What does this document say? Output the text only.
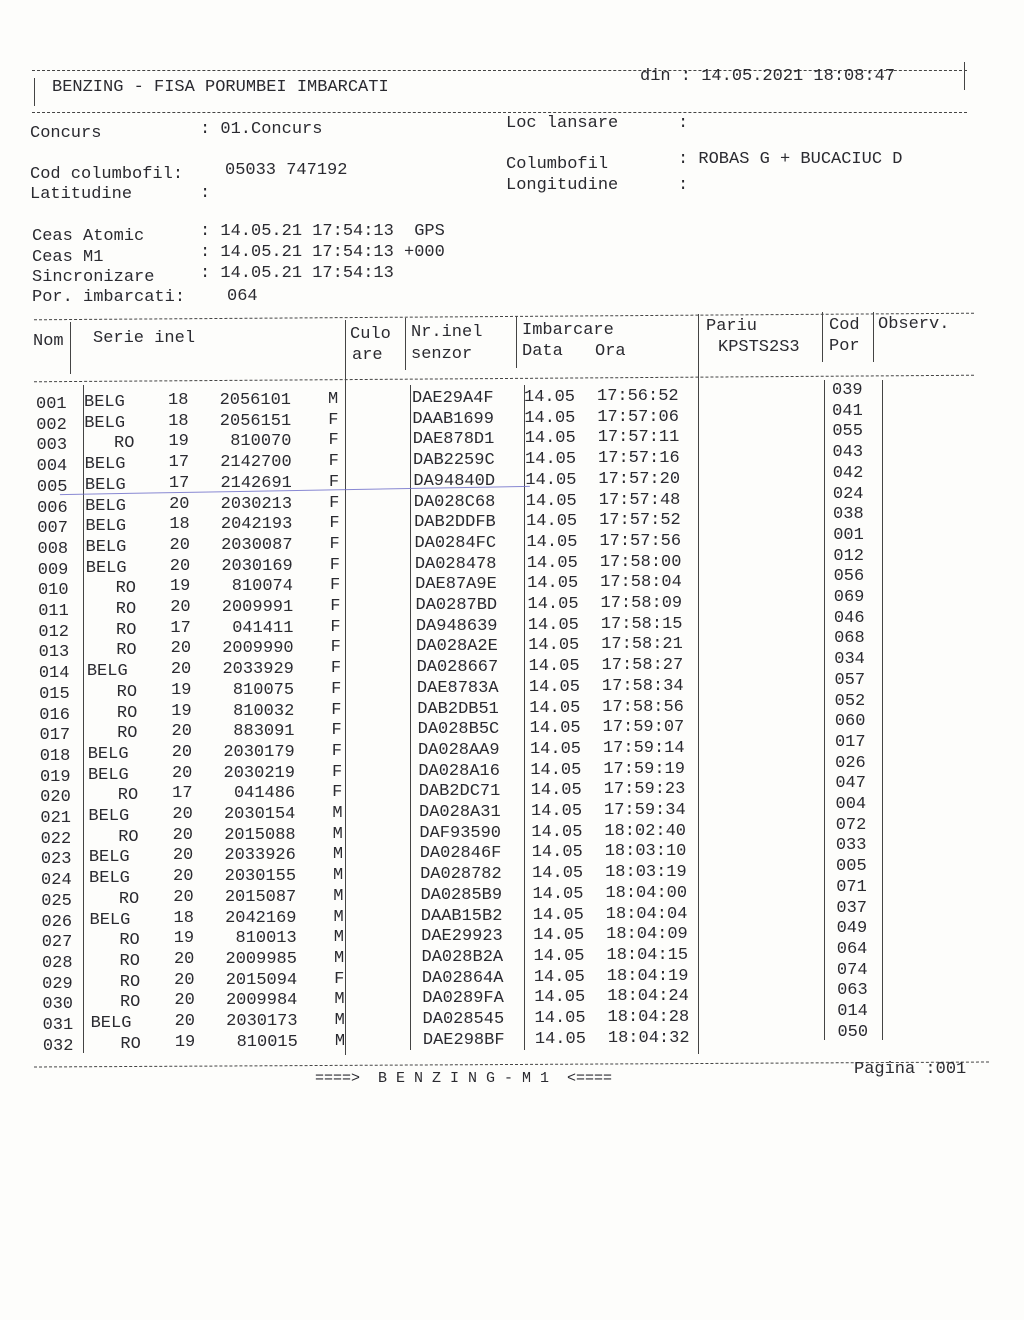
BENZING - FISA PORUMBEI IMBARCATI
din : 14.05.2021 18:08:47
Concurs	: 01.Concurs	Loc lansare	:
Cod columbofil: 05033 747192	Columbofil	: ROBAS G + BUCACIUC D
Latitudine	:	Longitudine	:
Ceas Atomic	: 14.05.21 17:54:13  GPS
Ceas M1	: 14.05.21 17:54:13 +000
Sincronizare	: 14.05.21 17:54:13
Por. imbarcati: 064
Nom Serie inel	Culo
are
Nr.inel
senzor
Imbarcare
Data Ora
Pariu
KPSTS2S3
Cod
Por
Observ.
001 BELG	18	2056101 M	DAE29A4F 14.05 17:56:52	039
002 BELG	18	2056151 F	DAAB1699 14.05 17:57:06	041
003	RO 19	810070 F	DAE878D1 14.05 17:57:11	055
004 BELG	17	2142700 F	DAB2259C 14.05 17:57:16	043
005 BELG	17	2142691 F	DA94840D 14.05 17:57:20	042
006 BELG	20	2030213 F	DA028C68 14.05 17:57:48	024
007 BELG	18	2042193 F	DAB2DDFB 14.05 17:57:52	038
008 BELG	20	2030087 F	DA0284FC 14.05 17:57:56	001
009 BELG	20	2030169 F	DA028478 14.05 17:58:00	012
010	RO 19	810074 F	DAE87A9E 14.05 17:58:04	056
011	RO 20	2009991 F	DA0287BD 14.05 17:58:09	069
012	RO 17	041411 F	DA948639 14.05 17:58:15	046
013	RO 20	2009990 F	DA028A2E 14.05 17:58:21	068
014 BELG	20	2033929 F	DA028667 14.05 17:58:27	034
015	RO 19	810075 F	DAE8783A 14.05 17:58:34	057
016	RO 19	810032 F	DAB2DB51 14.05 17:58:56	052
017	RO 20	883091 F	DA028B5C 14.05 17:59:07	060
018 BELG	20	2030179 F	DA028AA9 14.05 17:59:14	017
019 BELG	20	2030219 F	DA028A16 14.05 17:59:19	026
020	RO 17	041486 F	DAB2DC71 14.05 17:59:23	047
021 BELG	20	2030154 M	DA028A31 14.05 17:59:34	004
022	RO 20	2015088 M	DAF93590 14.05 18:02:40	072
023 BELG	20	2033926 M	DA02846F 14.05 18:03:10	033
024 BELG	20	2030155 M	DA028782 14.05 18:03:19	005
025	RO 20	2015087 M	DA0285B9 14.05 18:04:00	071
026 BELG	18	2042169 M	DAAB15B2 14.05 18:04:04	037
027	RO 19	810013 M	DAE29923 14.05 18:04:09	049
028	RO 20	2009985 M	DA028B2A 14.05 18:04:15	064
029	RO 20	2015094 F	DA02864A 14.05 18:04:19	074
030	RO 20	2009984 M	DA0289FA 14.05 18:04:24	063
031 BELG	20	2030173 M	DA028545 14.05 18:04:28	014
032	RO 19	810015 M	DAE298BF 14.05 18:04:32	050
====>  B E N Z I N G - M 1  <====	Pagina :001
